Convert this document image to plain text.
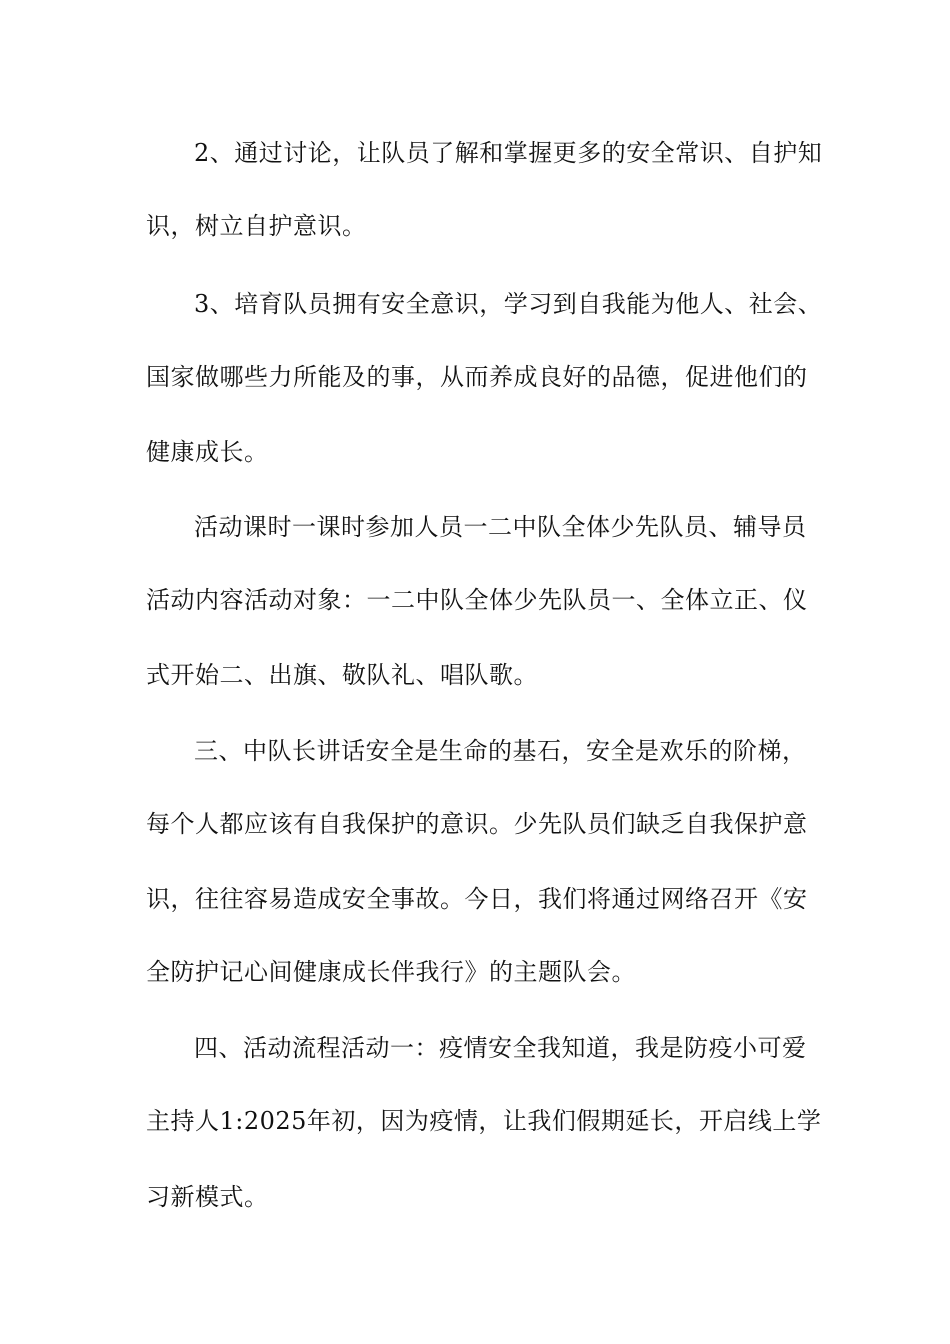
2、通过讨论，让队员了解和掌握更多的安全常识、自护知
识，树立自护意识。
3、培育队员拥有安全意识，学习到自我能为他人、社会、
国家做哪些力所能及的事，从而养成良好的品德，促进他们的
健康成长。
活动课时一课时参加人员一二中队全体少先队员、辅导员
活动内容活动对象：一二中队全体少先队员一、全体立正、仪
式开始二、出旗、敬队礼、唱队歌。
三、中队长讲话安全是生命的基石，安全是欢乐的阶梯，
每个人都应该有自我保护的意识。少先队员们缺乏自我保护意
识，往往容易造成安全事故。今日，我们将通过网络召开《安
全防护记心间健康成长伴我行》的主题队会。
四、活动流程活动一：疫情安全我知道，我是防疫小可爱
主持人1:2025年初，因为疫情，让我们假期延长，开启线上学
习新模式。
